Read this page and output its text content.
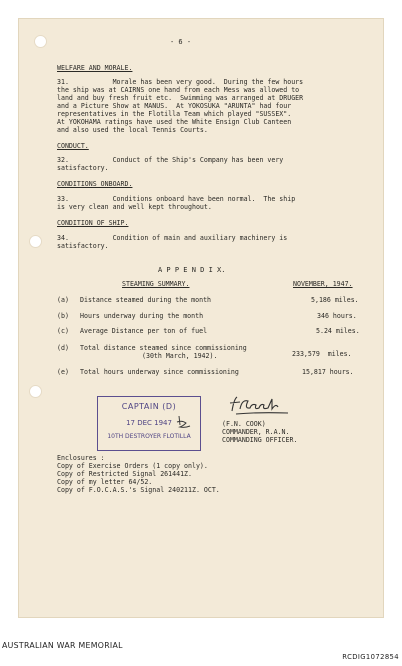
- 6 -
WELFARE AND MORALE.
31.           Morale has been very good.  During the few hours
the ship was at CAIRNS one hand from each Mess was allowed to
land and buy fresh fruit etc.  Swimming was arranged at DRUGER
and a Picture Show at MANUS.  At YOKOSUKA "ARUNTA" had four
representatives in the Flotilla Team which played "SUSSEX".
At YOKOHAMA ratings have used the White Ensign Club Canteen
and also used the local Tennis Courts.
CONDUCT.
32.           Conduct of the Ship's Company has been very
satisfactory.
CONDITIONS ONBOARD.
33.           Conditions onboard have been normal.  The ship
is very clean and well kept throughout.
CONDITION OF SHIP.
34.           Condition of main and auxiliary machinery is
satisfactory.
A P P E N D I X.
STEAMING SUMMARY.	NOVEMBER, 1947.
(a) Distance steamed during the month	5,186 miles.
(b) Hours underway during the month	346 hours.
(c) Average Distance per ton of fuel	5.24 miles.
(d) Total distance steamed since commissioning
(30th March, 1942).	233,579  miles.
(e) Total hours underway since commissioning	15,817 hours.
CAPTAIN (D)
17 DEC 1947
10TH DESTROYER FLOTILLA
(F.N. COOK)
COMMANDER, R.A.N.
COMMANDING OFFICER.
Enclosures :
Copy of Exercise Orders (1 copy only).
Copy of Restricted Signal 261441Z.
Copy of my letter 64/52.
Copy of F.O.C.A.S.'s Signal 240211Z. OCT.
AUSTRALIAN WAR MEMORIAL
RCDIG1072854
